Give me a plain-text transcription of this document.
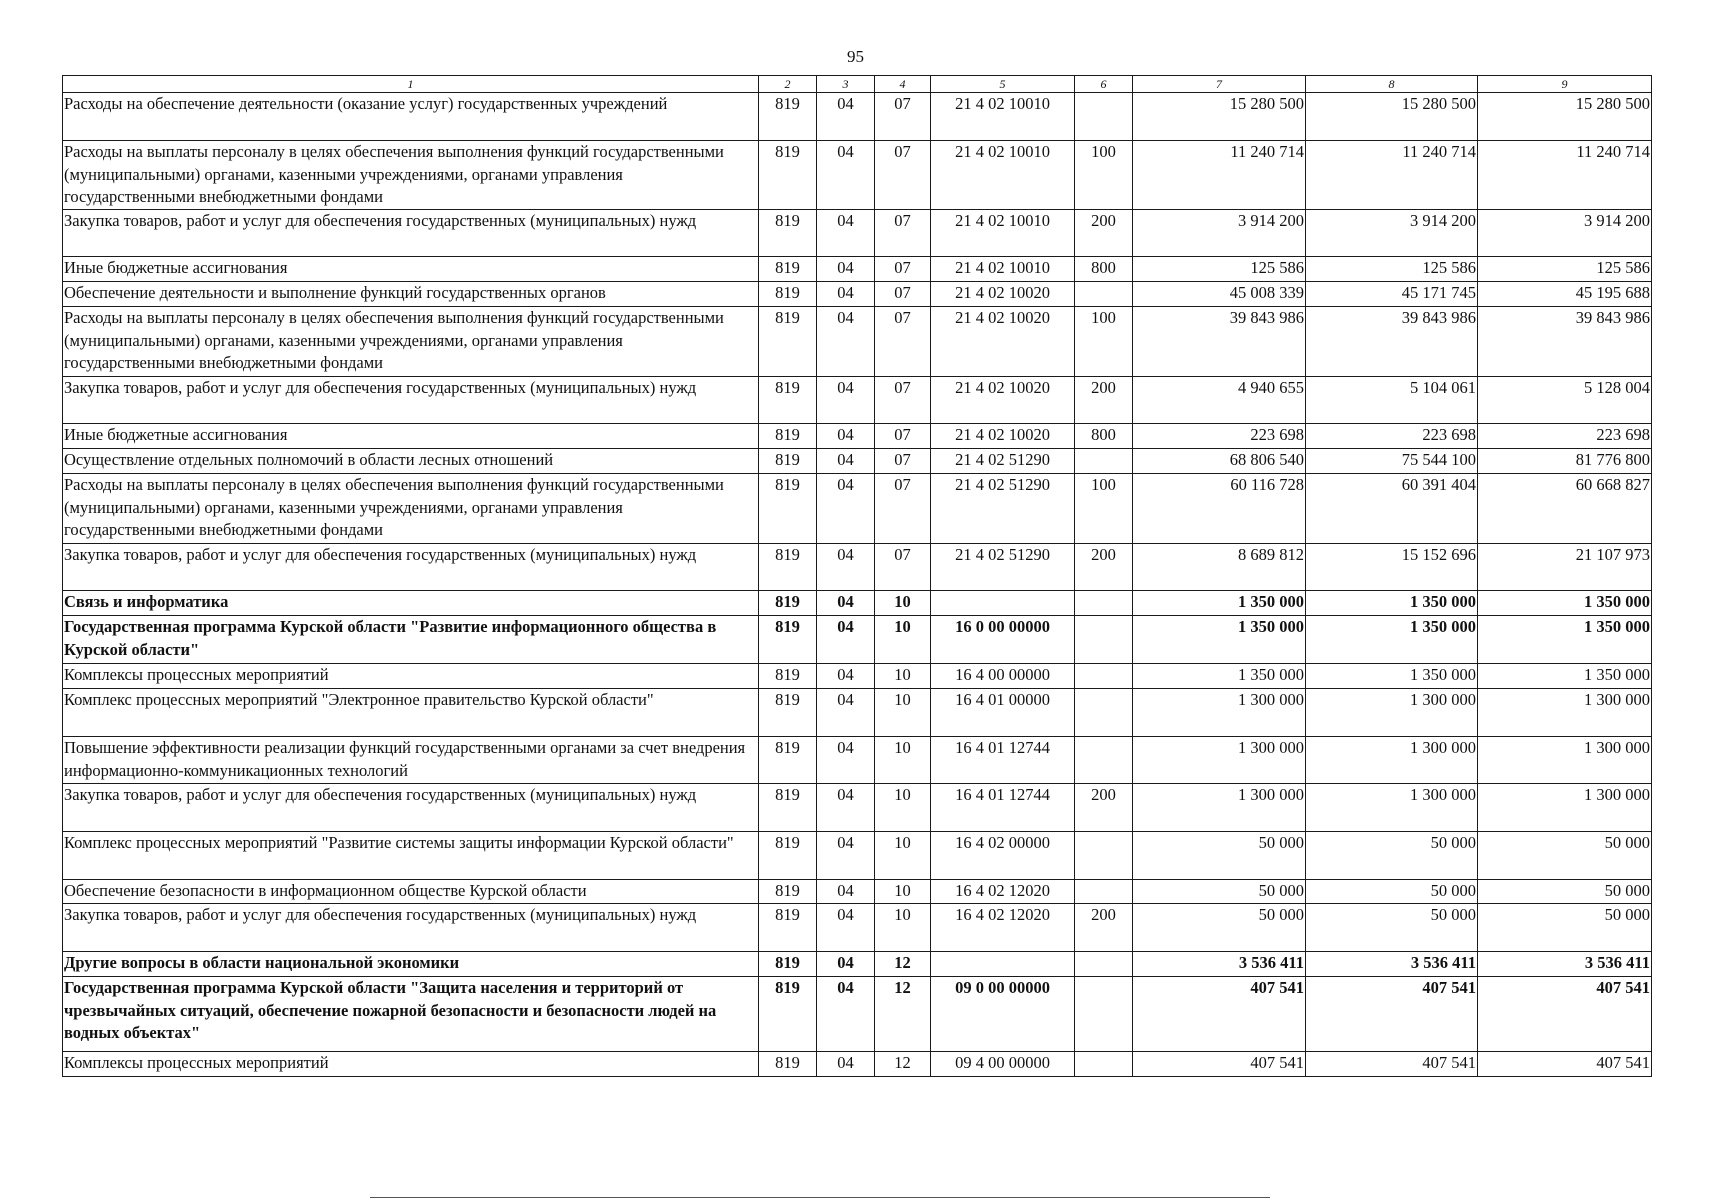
95
1	2	3	4	5	6	7	8	9
Расходы на обеспечение деятельности (оказание услуг) государственных учреждений	819	04	07	21 4 02 10010		15 280 500	15 280 500	15 280 500
Расходы на выплаты персоналу в целях обеспечения выполнения функций государственными (муниципальными) органами, казенными учреждениями, органами управления государственными внебюджетными фондами	819	04	07	21 4 02 10010	100	11 240 714	11 240 714	11 240 714
Закупка товаров, работ и услуг для обеспечения государственных (муниципальных) нужд	819	04	07	21 4 02 10010	200	3 914 200	3 914 200	3 914 200
Иные бюджетные ассигнования	819	04	07	21 4 02 10010	800	125 586	125 586	125 586
Обеспечение деятельности и выполнение функций государственных органов	819	04	07	21 4 02 10020		45 008 339	45 171 745	45 195 688
Расходы на выплаты персоналу в целях обеспечения выполнения функций государственными (муниципальными) органами, казенными учреждениями, органами управления государственными внебюджетными фондами	819	04	07	21 4 02 10020	100	39 843 986	39 843 986	39 843 986
Закупка товаров, работ и услуг для обеспечения государственных (муниципальных) нужд	819	04	07	21 4 02 10020	200	4 940 655	5 104 061	5 128 004
Иные бюджетные ассигнования	819	04	07	21 4 02 10020	800	223 698	223 698	223 698
Осуществление отдельных полномочий в области лесных отношений	819	04	07	21 4 02 51290		68 806 540	75 544 100	81 776 800
Расходы на выплаты персоналу в целях обеспечения выполнения функций государственными (муниципальными) органами, казенными учреждениями, органами управления государственными внебюджетными фондами	819	04	07	21 4 02 51290	100	60 116 728	60 391 404	60 668 827
Закупка товаров, работ и услуг для обеспечения государственных (муниципальных) нужд	819	04	07	21 4 02 51290	200	8 689 812	15 152 696	21 107 973
Связь и информатика	819	04	10			1 350 000	1 350 000	1 350 000
Государственная программа Курской области "Развитие информационного общества в Курской области"	819	04	10	16 0 00 00000		1 350 000	1 350 000	1 350 000
Комплексы процессных мероприятий	819	04	10	16 4 00 00000		1 350 000	1 350 000	1 350 000
Комплекс процессных мероприятий "Электронное правительство Курской области"	819	04	10	16 4 01 00000		1 300 000	1 300 000	1 300 000
Повышение эффективности реализации функций государственными органами за счет внедрения информационно-коммуникационных технологий	819	04	10	16 4 01 12744		1 300 000	1 300 000	1 300 000
Закупка товаров, работ и услуг для обеспечения государственных (муниципальных) нужд	819	04	10	16 4 01 12744	200	1 300 000	1 300 000	1 300 000
Комплекс процессных мероприятий "Развитие системы защиты информации Курской области"	819	04	10	16 4 02 00000		50 000	50 000	50 000
Обеспечение безопасности в информационном обществе Курской области	819	04	10	16 4 02 12020		50 000	50 000	50 000
Закупка товаров, работ и услуг для обеспечения государственных (муниципальных) нужд	819	04	10	16 4 02 12020	200	50 000	50 000	50 000
Другие вопросы в области национальной экономики	819	04	12			3 536 411	3 536 411	3 536 411
Государственная программа Курской области "Защита населения и территорий от чрезвычайных ситуаций, обеспечение пожарной безопасности и безопасности людей на водных объектах"	819	04	12	09 0 00 00000		407 541	407 541	407 541
Комплексы процессных мероприятий	819	04	12	09 4 00 00000		407 541	407 541	407 541
